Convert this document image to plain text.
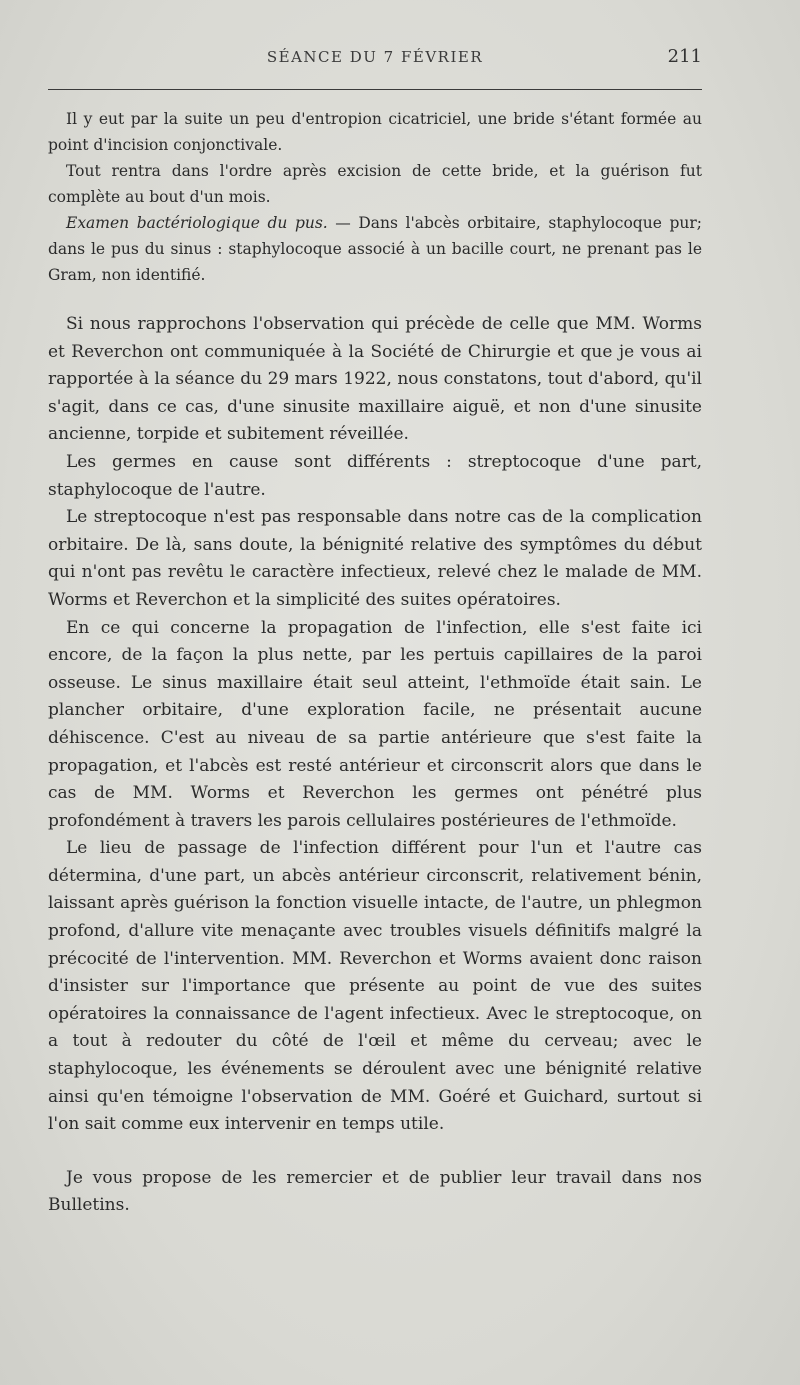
SÉANCE DU 7 FÉVRIER	211

Il y eut par la suite un peu d'entropion cicatriciel, une bride s'étant formée au point d'incision conjonctivale.

Tout rentra dans l'ordre après excision de cette bride, et la guérison fut complète au bout d'un mois.

Examen bactériologique du pus. — Dans l'abcès orbitaire, staphylocoque pur; dans le pus du sinus : staphylocoque associé à un bacille court, ne prenant pas le Gram, non identifié.

Si nous rapprochons l'observation qui précède de celle que MM. Worms et Reverchon ont communiquée à la Société de Chirurgie et que je vous ai rapportée à la séance du 29 mars 1922, nous constatons, tout d'abord, qu'il s'agit, dans ce cas, d'une sinusite maxillaire aiguë, et non d'une sinusite ancienne, torpide et subitement réveillée.

Les germes en cause sont différents : streptocoque d'une part, staphylocoque de l'autre.

Le streptocoque n'est pas responsable dans notre cas de la complication orbitaire. De là, sans doute, la bénignité relative des symptômes du début qui n'ont pas revêtu le caractère infectieux, relevé chez le malade de MM. Worms et Reverchon et la simplicité des suites opératoires.

En ce qui concerne la propagation de l'infection, elle s'est faite ici encore, de la façon la plus nette, par les pertuis capillaires de la paroi osseuse. Le sinus maxillaire était seul atteint, l'ethmoïde était sain. Le plancher orbitaire, d'une exploration facile, ne présentait aucune déhiscence. C'est au niveau de sa partie antérieure que s'est faite la propagation, et l'abcès est resté antérieur et circonscrit alors que dans le cas de MM. Worms et Reverchon les germes ont pénétré plus profondément à travers les parois cellulaires postérieures de l'ethmoïde.

Le lieu de passage de l'infection différent pour l'un et l'autre cas détermina, d'une part, un abcès antérieur circonscrit, relativement bénin, laissant après guérison la fonction visuelle intacte, de l'autre, un phlegmon profond, d'allure vite menaçante avec troubles visuels définitifs malgré la précocité de l'intervention. MM. Reverchon et Worms avaient donc raison d'insister sur l'importance que présente au point de vue des suites opératoires la connaissance de l'agent infectieux. Avec le streptocoque, on a tout à redouter du côté de l'œil et même du cerveau; avec le staphylocoque, les événements se déroulent avec une bénignité relative ainsi qu'en témoigne l'observation de MM. Goéré et Guichard, surtout si l'on sait comme eux intervenir en temps utile.

Je vous propose de les remercier et de publier leur travail dans nos Bulletins.
